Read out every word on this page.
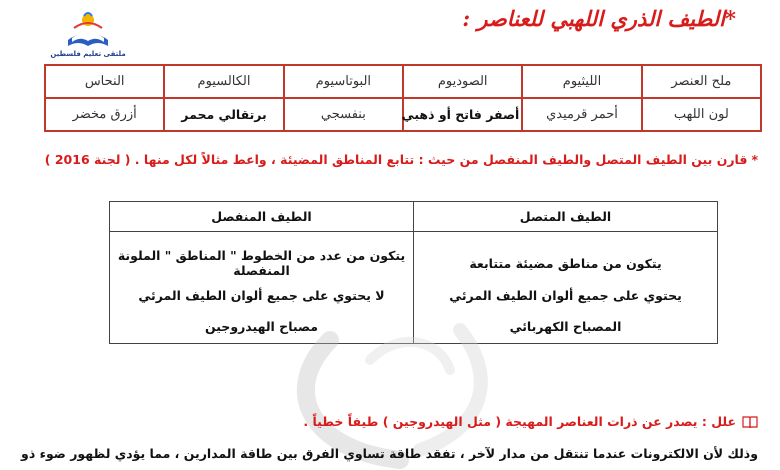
ملتقى تعليم فلسطين
*الطيف الذري اللهبي للعناصر :
ملح العنصر	الليثيوم	الصوديوم	البوتاسيوم	الكالسيوم	النحاس
لون اللهب	أحمر قرميدي	أصفر فاتح أو ذهبي	بنفسجي	برتقالي محمر	أزرق مخضر
*قارن بين الطيف المتصل والطيف المنفصل من حيث : تتابع المناطق المضيئة ، واعط مثالاً لكل منها . ( لجنة 2016 )
الطيف المتصل	الطيف المنفصل
يتكون من مناطق مضيئة متتابعة	يتكون من عدد من الخطوط " المناطق " الملونة المنفصلة
يحتوي على جميع ألوان الطيف المرئي	لا يحتوي على جميع ألوان الطيف المرئي
المصباح الكهربائي	مصباح الهيدروجين
علل : يصدر عن ذرات العناصر المهيجة ( مثل الهيدروجين ) طيفاً خطياً .
وذلك لأن الالكترونات عندما تنتقل من مدار لآخر ، تفقد طاقة تساوي الفرق بين طاقة المدارين ، مما يؤدي لظهور ضوء ذو
